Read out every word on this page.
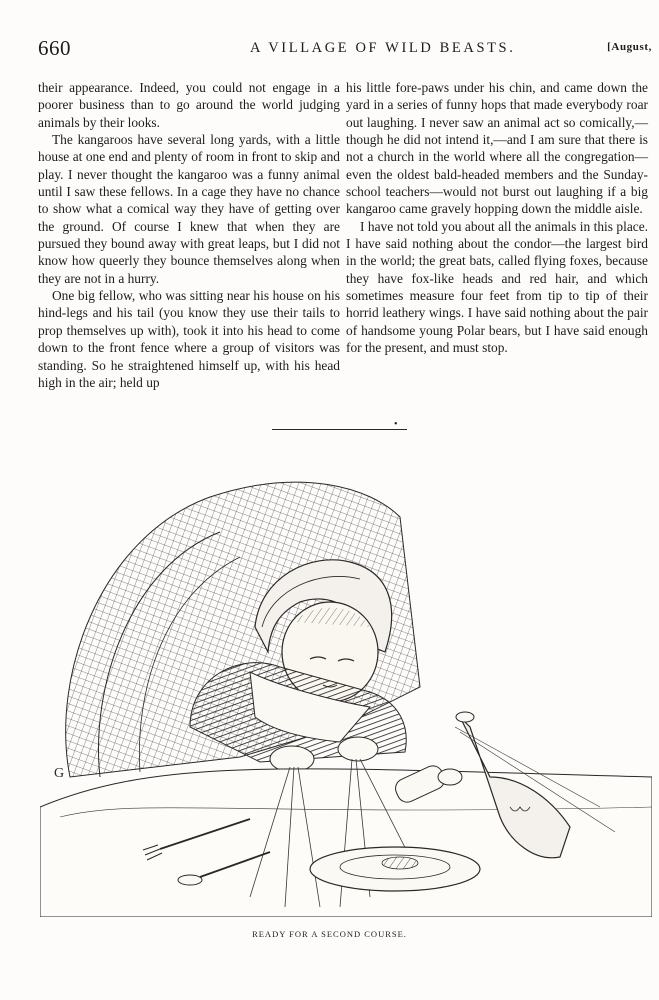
660	A VILLAGE OF WILD BEASTS.	[August,

their appearance. Indeed, you could not engage in a poorer business than to go around the world judging animals by their looks.

The kangaroos have several long yards, with a little house at one end and plenty of room in front to skip and play. I never thought the kangaroo was a funny animal until I saw these fellows. In a cage they have no chance to show what a comical way they have of getting over the ground. Of course I knew that when they are pursued they bound away with great leaps, but I did not know how queerly they bounce themselves along when they are not in a hurry.

One big fellow, who was sitting near his house on his hind-legs and his tail (you know they use their tails to prop themselves up with), took it into his head to come down to the front fence where a group of visitors was standing. So he straightened himself up, with his head high in the air; held up

his little fore-paws under his chin, and came down the yard in a series of funny hops that made everybody roar out laughing. I never saw an animal act so comically,—though he did not intend it,—and I am sure that there is not a church in the world where all the congregation—even the oldest bald-headed members and the Sunday-school teachers—would not burst out laughing if a big kangaroo came gravely hopping down the middle aisle.

I have not told you about all the animals in this place. I have said nothing about the condor—the largest bird in the world; the great bats, called flying foxes, because they have fox-like heads and red hair, and which sometimes measure four feet from tip to tip of their horrid leathery wings. I have said nothing about the pair of handsome young Polar bears, but I have said enough for the present, and must stop.

•
G
READY FOR A SECOND COURSE.
